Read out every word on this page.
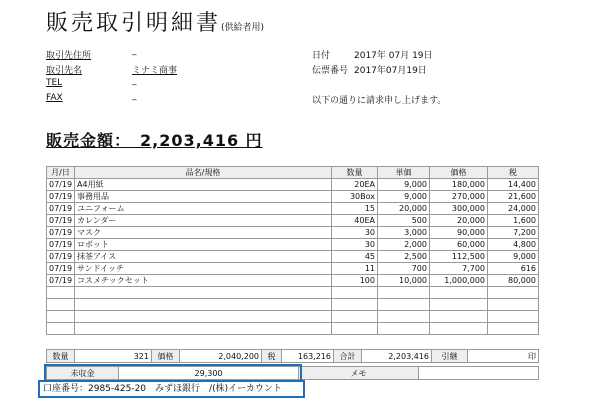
販売取引明細書(供給者用)
取引先住所	_
取引先名	ミナミ商事
TEL	_
FAX	_
日付	2017年 07月 19日
伝票番号 2017年07月19日
以下の通りに請求申し上げます。
販売金額：　2,203,416 円
月/日	品名/規格	数量	単価	価格	税
07/19	A4用紙	20EA	9,000	180,000	14,400
07/19	事務用品	30Box	9,000	270,000	21,600
07/19	ユニフォーム	15	20,000	300,000	24,000
07/19	カレンダー	40EA	500	20,000	1,600
07/19	マスク	30	3,000	90,000	7,200
07/19	ロボット	30	2,000	60,000	4,800
07/19	抹茶アイス	45	2,500	112,500	9,000
07/19	サンドイッチ	11	700	7,700	616
07/19	コスメチックセット	100	10,000	1,000,000	80,000

数量	321	価格	2,040,200	税	163,216	合計	2,203,416	引継	印
未収金	29,300	メモ	
口座番号：2985-425-20　みずほ銀行　/(株)イーカウント
